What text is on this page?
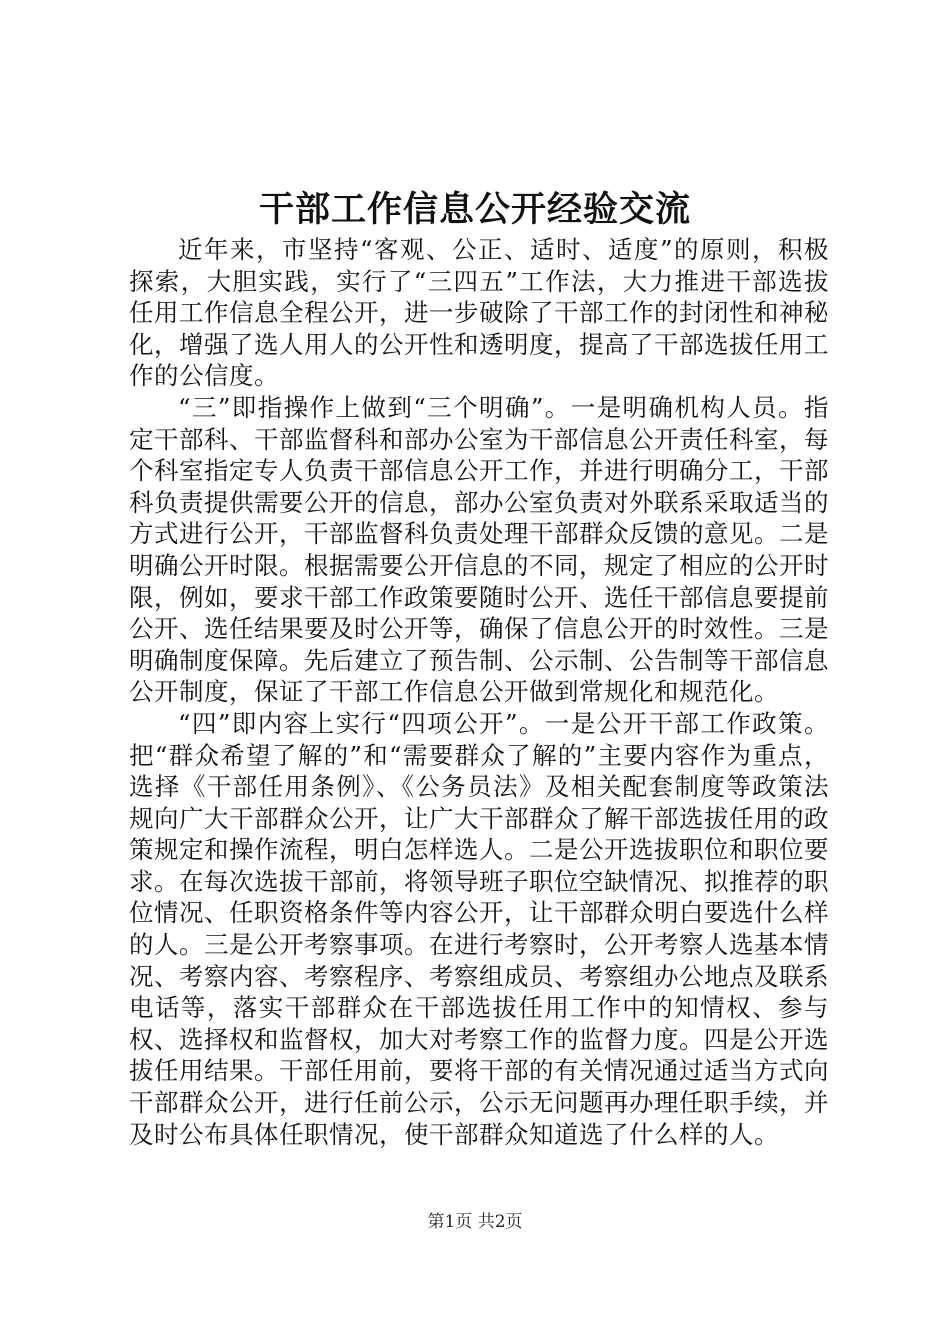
干部工作信息公开经验交流

近年来，市坚持“客观、公正、适时、适度”的原则，积极探索，大胆实践，实行了“三四五”工作法，大力推进干部选拔任用工作信息全程公开，进一步破除了干部工作的封闭性和神秘化，增强了选人用人的公开性和透明度，提高了干部选拔任用工作的公信度。

“三”即指操作上做到“三个明确”。一是明确机构人员。指定干部科、干部监督科和部办公室为干部信息公开责任科室，每个科室指定专人负责干部信息公开工作，并进行明确分工，干部科负责提供需要公开的信息，部办公室负责对外联系采取适当的方式进行公开，干部监督科负责处理干部群众反馈的意见。二是明确公开时限。根据需要公开信息的不同，规定了相应的公开时限，例如，要求干部工作政策要随时公开、选任干部信息要提前公开、选任结果要及时公开等，确保了信息公开的时效性。三是明确制度保障。先后建立了预告制、公示制、公告制等干部信息公开制度，保证了干部工作信息公开做到常规化和规范化。

“四”即内容上实行“四项公开”。一是公开干部工作政策。把“群众希望了解的”和“需要群众了解的”主要内容作为重点，选择《干部任用条例》、《公务员法》及相关配套制度等政策法规向广大干部群众公开，让广大干部群众了解干部选拔任用的政策规定和操作流程，明白怎样选人。二是公开选拔职位和职位要求。在每次选拔干部前，将领导班子职位空缺情况、拟推荐的职位情况、任职资格条件等内容公开，让干部群众明白要选什么样的人。三是公开考察事项。在进行考察时，公开考察人选基本情况、考察内容、考察程序、考察组成员、考察组办公地点及联系电话等，落实干部群众在干部选拔任用工作中的知情权、参与权、选择权和监督权，加大对考察工作的监督力度。四是公开选拔任用结果。干部任用前，要将干部的有关情况通过适当方式向干部群众公开，进行任前公示，公示无问题再办理任职手续，并及时公布具体任职情况，使干部群众知道选了什么样的人。

第1页 共2页
